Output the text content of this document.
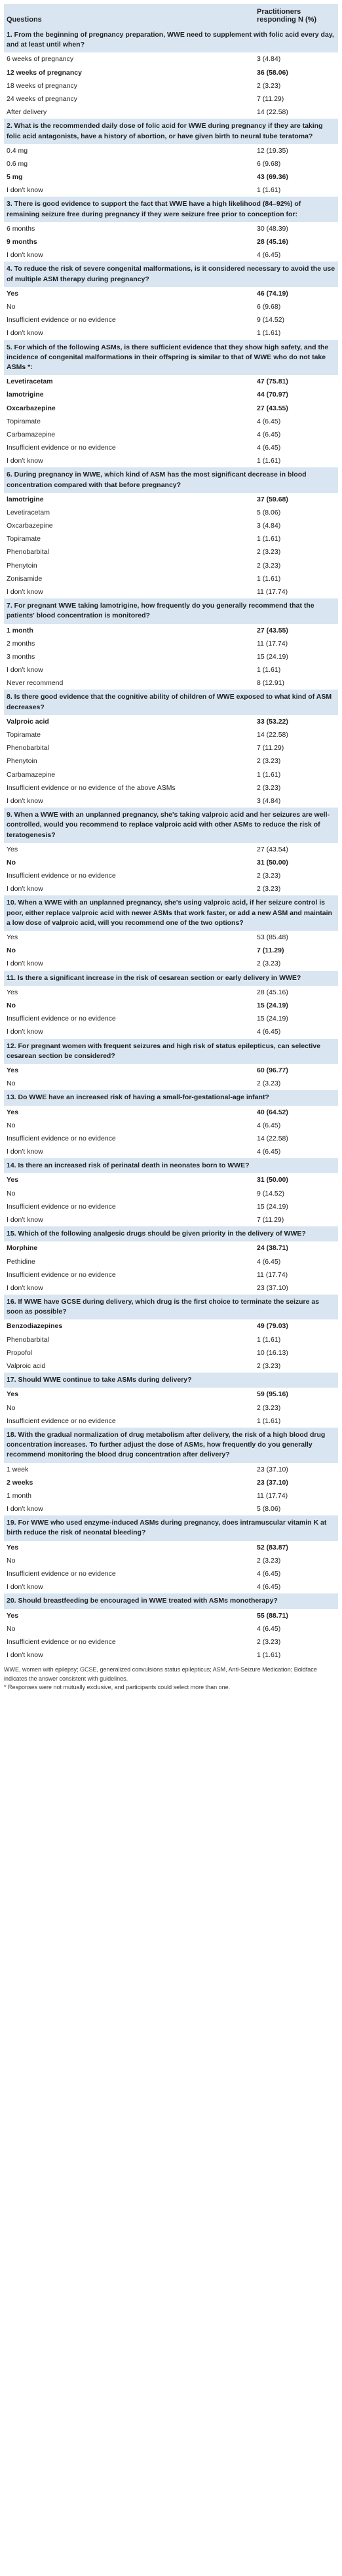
Questions	Practitioners responding N (%)
1. From the beginning of pregnancy preparation, WWE need to supplement with folic acid every day, and at least until when?	
6 weeks of pregnancy	3 (4.84)
12 weeks of pregnancy	36 (58.06)
18 weeks of pregnancy	2 (3.23)
24 weeks of pregnancy	7 (11.29)
After delivery	14 (22.58)
2. What is the recommended daily dose of folic acid for WWE during pregnancy if they are taking folic acid antagonists, have a history of abortion, or have given birth to neural tube teratoma?	
0.4 mg	12 (19.35)
0.6 mg	6 (9.68)
5 mg	43 (69.36)
I don't know	1 (1.61)
3. There is good evidence to support the fact that WWE have a high likelihood (84–92%) of remaining seizure free during pregnancy if they were seizure free prior to conception for:	
6 months	30 (48.39)
9 months	28 (45.16)
I don't know	4 (6.45)
4. To reduce the risk of severe congenital malformations, is it considered necessary to avoid the use of multiple ASM therapy during pregnancy?	
Yes	46 (74.19)
No	6 (9.68)
Insufficient evidence or no evidence	9 (14.52)
I don't know	1 (1.61)
5. For which of the following ASMs, is there sufficient evidence that they show high safety, and the incidence of congenital malformations in their offspring is similar to that of WWE who do not take ASMs *:	
Levetiracetam	47 (75.81)
lamotrigine	44 (70.97)
Oxcarbazepine	27 (43.55)
Topiramate	4 (6.45)
Carbamazepine	4 (6.45)
Insufficient evidence or no evidence	4 (6.45)
I don't know	1 (1.61)
6. During pregnancy in WWE, which kind of ASM has the most significant decrease in blood concentration compared with that before pregnancy?	
lamotrigine	37 (59.68)
Levetiracetam	5 (8.06)
Oxcarbazepine	3 (4.84)
Topiramate	1 (1.61)
Phenobarbital	2 (3.23)
Phenytoin	2 (3.23)
Zonisamide	1 (1.61)
I don't know	11 (17.74)
7. For pregnant WWE taking lamotrigine, how frequently do you generally recommend that the patients' blood concentration is monitored?	
1 month	27 (43.55)
2 months	11 (17.74)
3 months	15 (24.19)
I don't know	1 (1.61)
Never recommend	8 (12.91)
8. Is there good evidence that the cognitive ability of children of WWE exposed to what kind of ASM decreases?	
Valproic acid	33 (53.22)
Topiramate	14 (22.58)
Phenobarbital	7 (11.29)
Phenytoin	2 (3.23)
Carbamazepine	1 (1.61)
Insufficient evidence or no evidence of the above ASMs	2 (3.23)
I don't know	3 (4.84)
9. When a WWE with an unplanned pregnancy, she's taking valproic acid and her seizures are well-controlled, would you recommend to replace valproic acid with other ASMs to reduce the risk of teratogenesis?	
Yes	27 (43.54)
No	31 (50.00)
Insufficient evidence or no evidence	2 (3.23)
I don't know	2 (3.23)
10. When a WWE with an unplanned pregnancy, she's using valproic acid, if her seizure control is poor, either replace valproic acid with newer ASMs that work faster, or add a new ASM and maintain a low dose of valproic acid, will you recommend one of the two options?	
Yes	53 (85.48)
No	7 (11.29)
I don't know	2 (3.23)
11. Is there a significant increase in the risk of cesarean section or early delivery in WWE?	
Yes	28 (45.16)
No	15 (24.19)
Insufficient evidence or no evidence	15 (24.19)
I don't know	4 (6.45)
12. For pregnant women with frequent seizures and high risk of status epilepticus, can selective cesarean section be considered?	
Yes	60 (96.77)
No	2 (3.23)
13. Do WWE have an increased risk of having a small-for-gestational-age infant?	
Yes	40 (64.52)
No	4 (6.45)
Insufficient evidence or no evidence	14 (22.58)
I don't know	4 (6.45)
14. Is there an increased risk of perinatal death in neonates born to WWE?	
Yes	31 (50.00)
No	9 (14.52)
Insufficient evidence or no evidence	15 (24.19)
I don't know	7 (11.29)
15. Which of the following analgesic drugs should be given priority in the delivery of WWE?	
Morphine	24 (38.71)
Pethidine	4 (6.45)
Insufficient evidence or no evidence	11 (17.74)
I don't know	23 (37.10)
16. If WWE have GCSE during delivery, which drug is the first choice to terminate the seizure as soon as possible?	
Benzodiazepines	49 (79.03)
Phenobarbital	1 (1.61)
Propofol	10 (16.13)
Valproic acid	2 (3.23)
17. Should WWE continue to take ASMs during delivery?	
Yes	59 (95.16)
No	2 (3.23)
Insufficient evidence or no evidence	1 (1.61)
18. With the gradual normalization of drug metabolism after delivery, the risk of a high blood drug concentration increases. To further adjust the dose of ASMs, how frequently do you generally recommend monitoring the blood drug concentration after delivery?	
1 week	23 (37.10)
2 weeks	23 (37.10)
1 month	11 (17.74)
I don't know	5 (8.06)
19. For WWE who used enzyme-induced ASMs during pregnancy, does intramuscular vitamin K at birth reduce the risk of neonatal bleeding?	
Yes	52 (83.87)
No	2 (3.23)
Insufficient evidence or no evidence	4 (6.45)
I don't know	4 (6.45)
20. Should breastfeeding be encouraged in WWE treated with ASMs monotherapy?	
Yes	55 (88.71)
No	4 (6.45)
Insufficient evidence or no evidence	2 (3.23)
I don't know	1 (1.61)

WWE, women with epilepsy; GCSE, generalized convulsions status epilepticus; ASM, Anti-Seizure Medication; Boldface indicates the answer consistent with guidelines.

* Responses were not mutually exclusive, and participants could select more than one.
